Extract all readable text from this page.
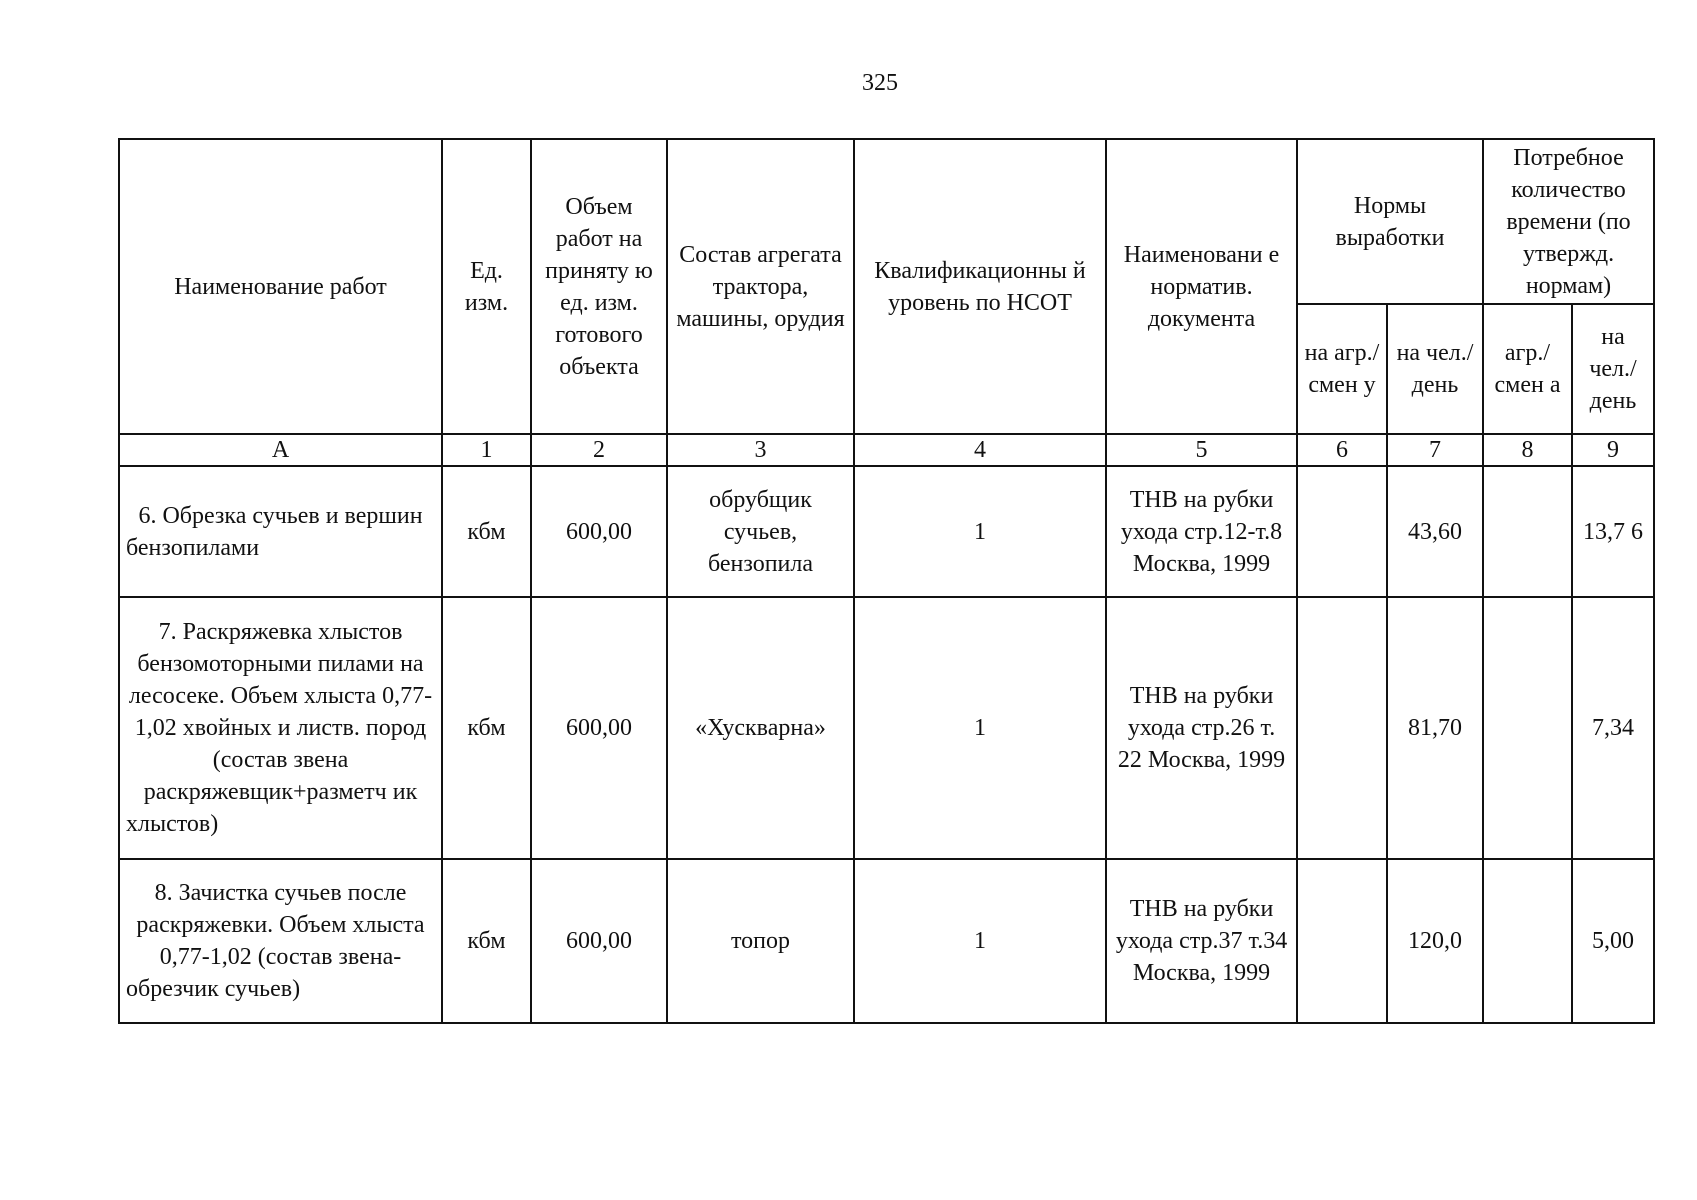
325
Наименование работ	Ед. изм.	Объем работ на приняту ю ед. изм. готового объекта	Состав агрегата трактора, машины, орудия	Квалификационны й уровень по НСОТ	Наименовани е норматив. документа	Нормы выработки		Потребное количество времени (по утвержд. нормам)	
						на агр./ смен у	на чел./ день	агр./ смен а	на чел./ день
А	1	2	3	4	5	6	7	8	9
6. Обрезка сучьев и вершин бензопилами	кбм	600,00	обрубщик сучьев, бензопила	1	ТНВ на рубки ухода стр.12-т.8 Москва, 1999		43,60		13,7 6
7. Раскряжевка хлыстов бензомоторными пилами на лесосеке. Объем хлыста 0,77-1,02 хвойных и листв. пород (состав звена раскряжевщик+разметч ик хлыстов)	кбм	600,00	«Хускварна»	1	ТНВ на рубки ухода стр.26 т. 22 Москва, 1999		81,70		7,34
8. Зачистка сучьев после раскряжевки. Объем хлыста 0,77-1,02 (состав звена-обрезчик сучьев)	кбм	600,00	топор	1	ТНВ на рубки ухода стр.37 т.34 Москва, 1999		120,0		5,00
